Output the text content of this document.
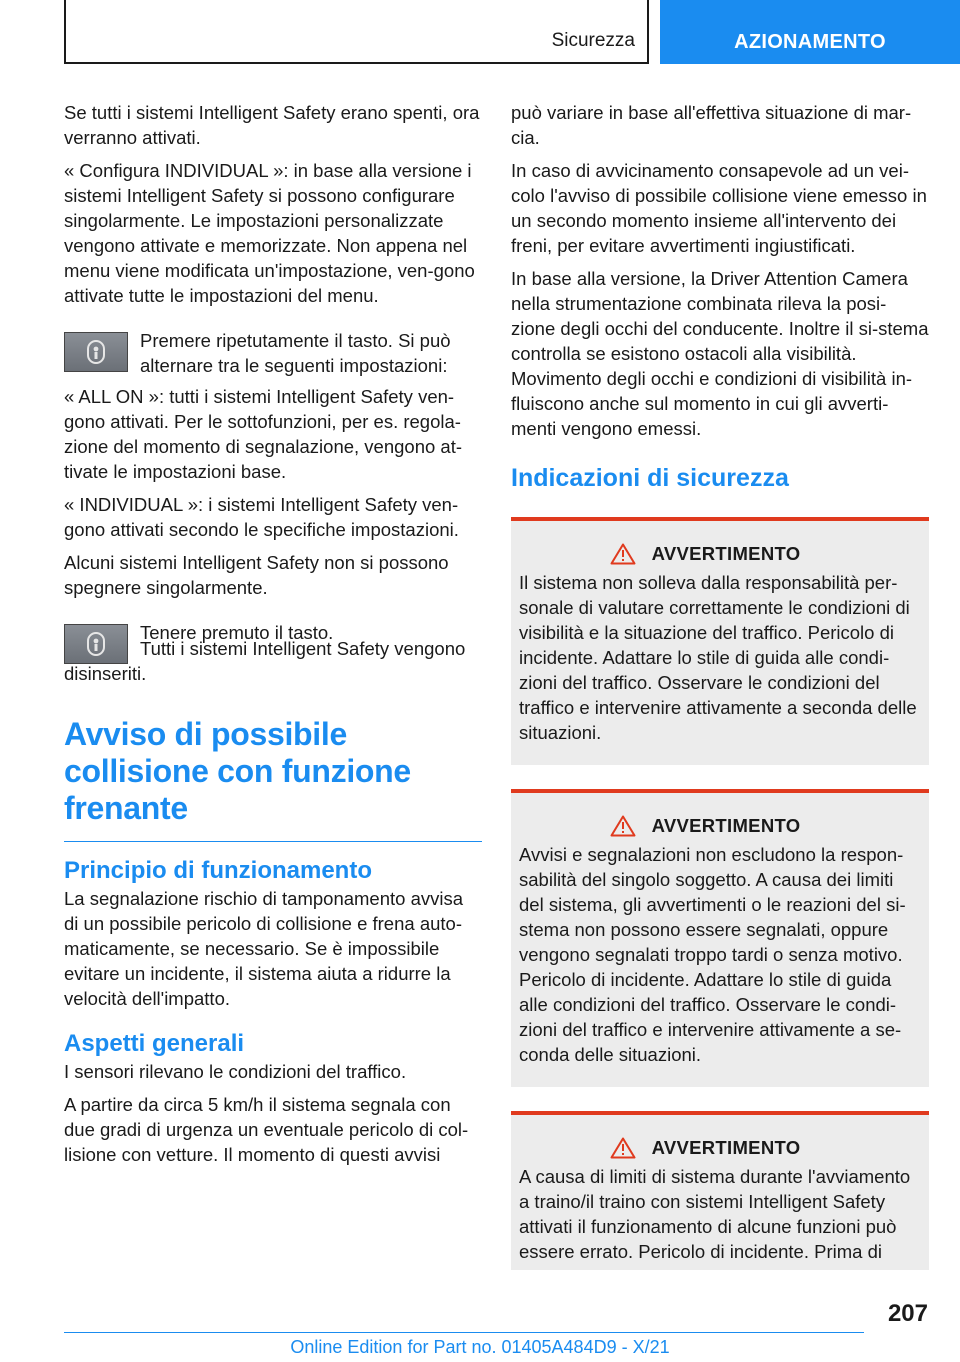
Sicurezza	AZIONAMENTO

Se tutti i sistemi Intelligent Safety erano spenti, ora verranno attivati.

« Configura INDIVIDUAL »: in base alla versione i sistemi Intelligent Safety si possono configurare singolarmente. Le impostazioni personalizzate vengono attivate e memorizzate. Non appena nel menu viene modificata un'impostazione, ven-gono attivate tutte le impostazioni del menu.

Premere ripetutamente il tasto. Si può alternare tra le seguenti impostazioni:

« ALL ON »: tutti i sistemi Intelligent Safety ven-gono attivati. Per le sottofunzioni, per es. regola-zione del momento di segnalazione, vengono at-tivate le impostazioni base.

« INDIVIDUAL »: i sistemi Intelligent Safety ven-gono attivati secondo le specifiche impostazioni.

Alcuni sistemi Intelligent Safety non si possono spegnere singolarmente.

Tenere premuto il tasto.

Tutti i sistemi Intelligent Safety vengono disinseriti.

Avviso di possibile collisione con funzione frenante
Principio di funzionamento

La segnalazione rischio di tamponamento avvisa di un possibile pericolo di collisione e frena auto-maticamente, se necessario. Se è impossibile evitare un incidente, il sistema aiuta a ridurre la velocità dell'impatto.

Aspetti generali

I sensori rilevano le condizioni del traffico.

A partire da circa 5 km/h il sistema segnala con due gradi di urgenza un eventuale pericolo di col-lisione con vetture. Il momento di questi avvisi

può variare in base all'effettiva situazione di mar-cia.

In caso di avvicinamento consapevole ad un vei-colo l'avviso di possibile collisione viene emesso in un secondo momento insieme all'intervento dei freni, per evitare avvertimenti ingiustificati.

In base alla versione, la Driver Attention Camera nella strumentazione combinata rileva la posi-zione degli occhi del conducente. Inoltre il si-stema controlla se esistono ostacoli alla visibilità. Movimento degli occhi e condizioni di visibilità in-fluiscono anche sul momento in cui gli avverti-menti vengono emessi.

Indicazioni di sicurezza
AVVERTIMENTO
Il sistema non solleva dalla responsabilità per-sonale di valutare correttamente le condizioni di visibilità e la situazione del traffico. Pericolo di incidente. Adattare lo stile di guida alle condi-zioni del traffico. Osservare le condizioni del traffico e intervenire attivamente a seconda delle situazioni.
AVVERTIMENTO
Avvisi e segnalazioni non escludono la respon-sabilità del singolo soggetto. A causa dei limiti del sistema, gli avvertimenti o le reazioni del si-stema non possono essere segnalati, oppure vengono segnalati troppo tardi o senza motivo. Pericolo di incidente. Adattare lo stile di guida alle condizioni del traffico. Osservare le condi-zioni del traffico e intervenire attivamente a se-conda delle situazioni.
AVVERTIMENTO
A causa di limiti di sistema durante l'avviamento a traino/il traino con sistemi Intelligent Safety attivati il funzionamento di alcune funzioni può essere errato. Pericolo di incidente. Prima di
207
Online Edition for Part no. 01405A484D9 - X/21
